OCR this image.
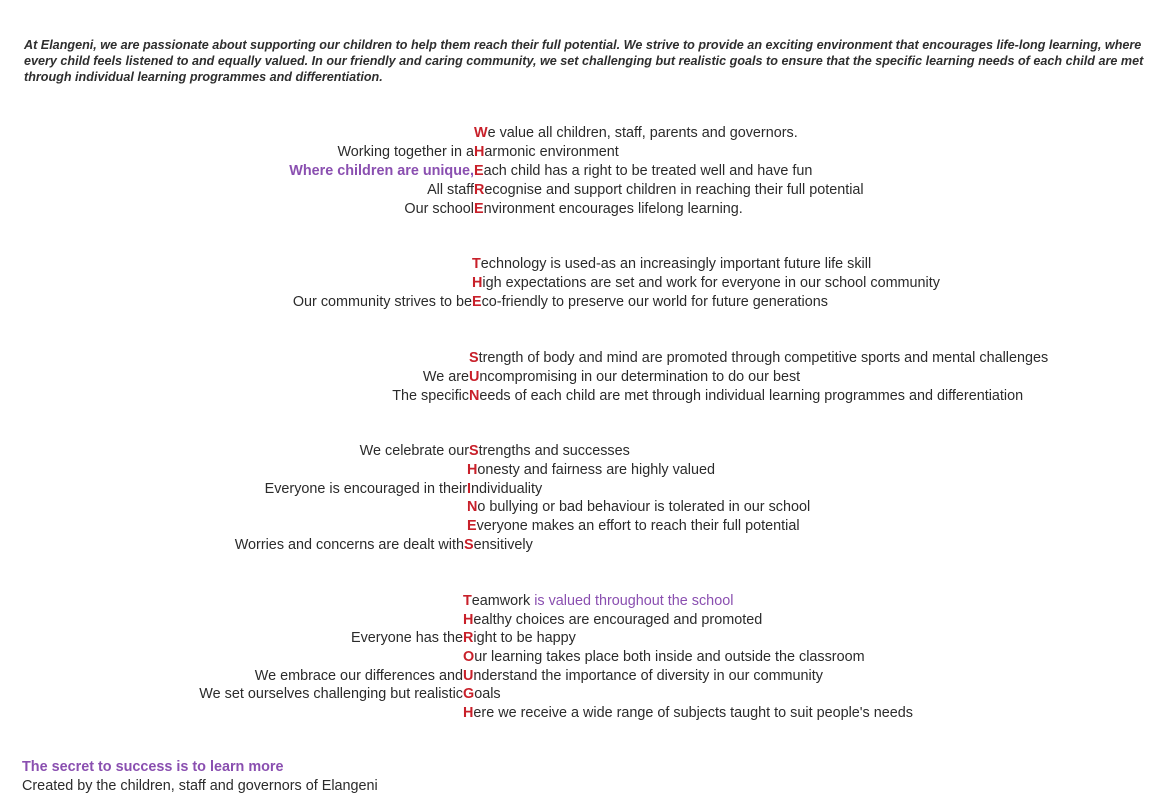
At Elangeni, we are passionate about supporting our children to help them reach their full potential. We strive to provide an exciting environment that encourages life-long learning, where every child feels listened to and equally valued. In our friendly and caring community, we set challenging but realistic goals to ensure that the specific learning needs of each child are met through individual learning programmes and differentiation.

We value all children, staff, parents and governors.
Working together in a Harmonic environment
Where children are unique, Each child has a right to be treated well and have fun
All staff Recognise and support children in reaching their full potential
Our school Environment encourages lifelong learning.
Technology is used-as an increasingly important future life skill
High expectations are set and work for everyone in our school community
Our community strives to be Eco-friendly to preserve our world for future generations
Strength of body and mind are promoted through competitive sports and mental challenges
We are Uncompromising in our determination to do our best
The specific Needs of each child are met through individual learning programmes and differentiation
We celebrate our Strengths and successes
Honesty and fairness are highly valued
Everyone is encouraged in their Individuality
No bullying or bad behaviour is tolerated in our school
Everyone makes an effort to reach their full potential
Worries and concerns are dealt with Sensitively
Teamwork is valued throughout the school
Healthy choices are encouraged and promoted
Everyone has the Right to be happy
Our learning takes place both inside and outside the classroom
We embrace our differences and Understand the importance of diversity in our community
We set ourselves challenging but realistic Goals
Here we receive a wide range of subjects taught to suit people's needs
The secret to success is to learn more
Created by the children, staff and governors of Elangeni
